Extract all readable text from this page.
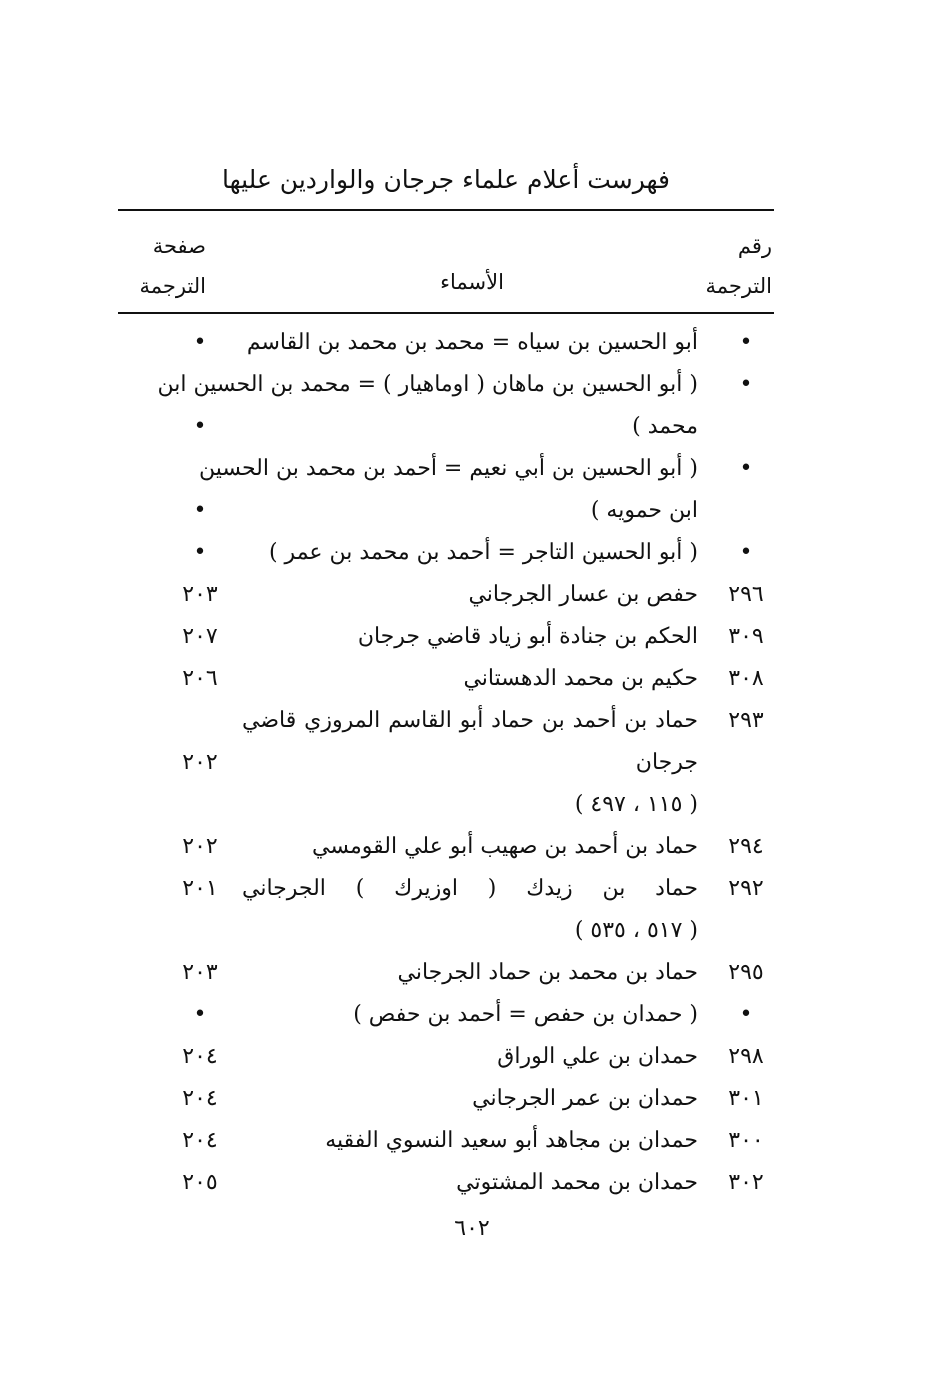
فهرست أعلام علماء جرجان والواردين عليها
رقم
الترجمة
الأسماء
صفحة
الترجمة
•
أبو الحسين بن سياه = محمد بن محمد بن القاسم
•
•
( أبو الحسين بن ماهان ( اوماهيار ) = محمد بن الحسين ابن
محمد )
•
•
( أبو الحسين بن أبي نعيم = أحمد بن محمد بن الحسين
ابن حمويه )
•
•
( أبو الحسين التاجر = أحمد بن محمد بن عمر )
•
٢٩٦
حفص بن عسار الجرجاني
٢٠٣
٣٠٩
الحكم بن جنادة أبو زياد قاضي جرجان
٢٠٧
٣٠٨
حكيم بن محمد الدهستاني
٢٠٦
٢٩٣
حماد بن أحمد بن حماد أبو القاسم المروزي قاضي
جرجان
( ١١٥ ، ٤٩٧ )
٢٠٢
٢٩٤
حماد بن أحمد بن صهيب أبو علي القومسي
٢٠٢
٢٩٢
حماد بن زيدك ( اوزيرك ) الجرجاني
( ٥١٧ ، ٥٣٥ )
٢٠١
٢٩٥
حماد بن محمد بن حماد الجرجاني
٢٠٣
•
( حمدان بن حفص = أحمد بن حفص )
•
٢٩٨
حمدان بن علي الوراق
٢٠٤
٣٠١
حمدان بن عمر الجرجاني
٢٠٤
٣٠٠
حمدان بن مجاهد أبو سعيد النسوي الفقيه
٢٠٤
٣٠٢
حمدان بن محمد المشتوتي
٢٠٥
٦٠٢
